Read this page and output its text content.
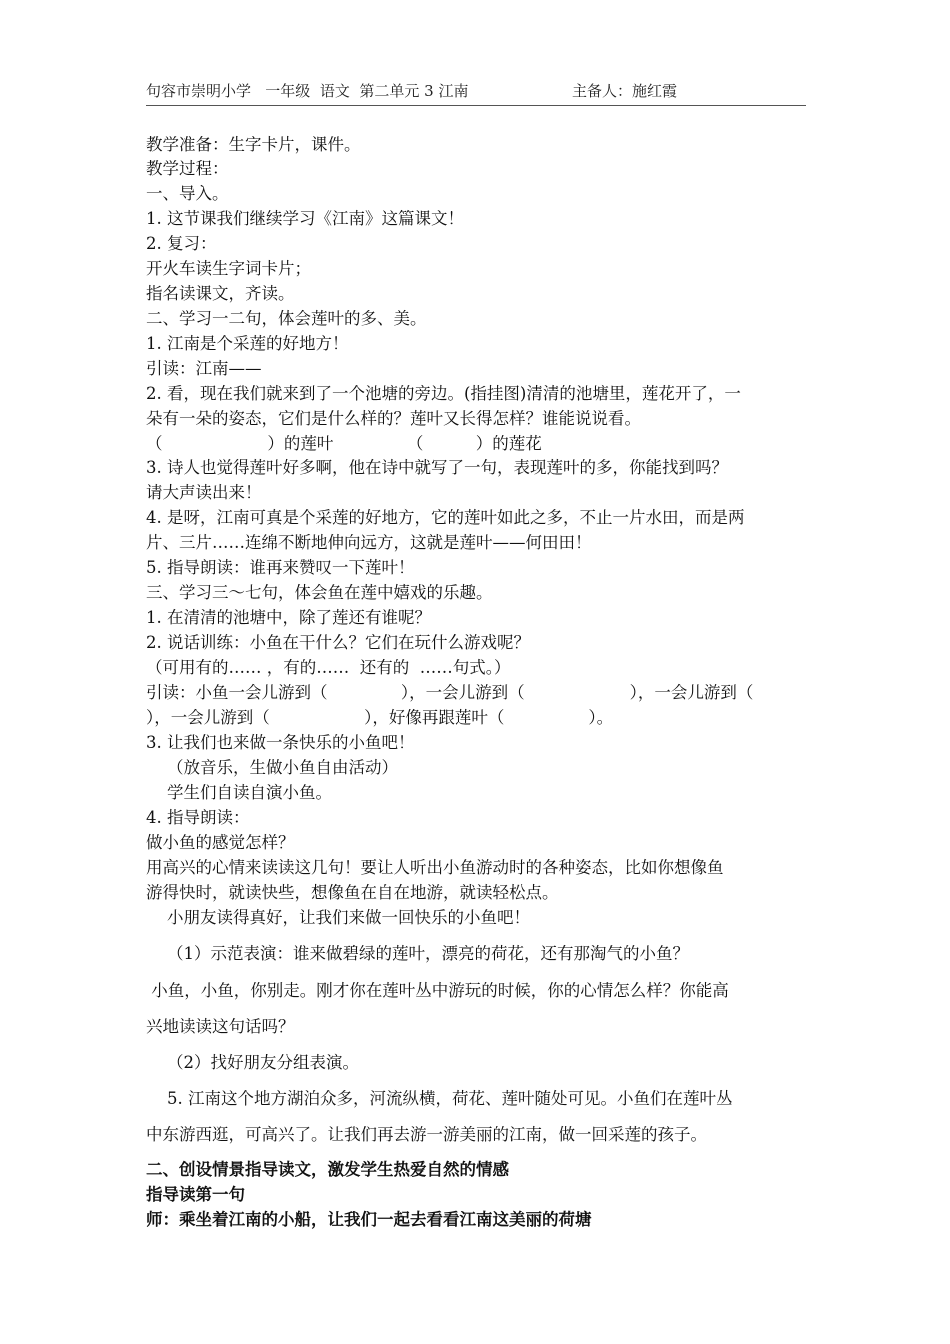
句容市崇明小学   一年级  语文  第二单元 3 江南	主备人：施红霞
教学准备：生字卡片，课件。
教学过程：
一、导入。
1. 这节课我们继续学习《江南》这篇课文！
2. 复习：
开火车读生字词卡片；
指名读课文，齐读。
二、学习一二句，体会莲叶的多、美。
1. 江南是个采莲的好地方！
引读：江南——
2. 看，现在我们就来到了一个池塘的旁边。(指挂图)清清的池塘里，莲花开了，一
朵有一朵的姿态，它们是什么样的？莲叶又长得怎样？谁能说说看。
（                    ）的莲叶              （          ）的莲花
3. 诗人也觉得莲叶好多啊，他在诗中就写了一句，表现莲叶的多，你能找到吗？
请大声读出来！
4. 是呀，江南可真是个采莲的好地方，它的莲叶如此之多，不止一片水田，而是两
片、三片……连绵不断地伸向远方，这就是莲叶——何田田！
5. 指导朗读：谁再来赞叹一下莲叶！
三、学习三～七句，体会鱼在莲中嬉戏的乐趣。
1. 在清清的池塘中，除了莲还有谁呢？
2. 说话训练：小鱼在干什么？它们在玩什么游戏呢？
（可用有的…… ，有的……  还有的  ……句式。）
引读：小鱼一会儿游到（              ），一会儿游到（                    ），一会儿游到（
），一会儿游到（                  ），好像再跟莲叶（                ）。
3. 让我们也来做一条快乐的小鱼吧！
（放音乐，生做小鱼自由活动）
学生们自读自演小鱼。
4. 指导朗读：
做小鱼的感觉怎样？
用高兴的心情来读读这几句！要让人听出小鱼游动时的各种姿态，比如你想像鱼
游得快时，就读快些，想像鱼在自在地游，就读轻松点。
小朋友读得真好，让我们来做一回快乐的小鱼吧！
（1）示范表演：谁来做碧绿的莲叶，漂亮的荷花，还有那淘气的小鱼？
小鱼，小鱼，你别走。刚才你在莲叶丛中游玩的时候，你的心情怎么样？你能高
兴地读读这句话吗？
（2）找好朋友分组表演。
5. 江南这个地方湖泊众多，河流纵横，荷花、莲叶随处可见。小鱼们在莲叶丛
中东游西逛，可高兴了。让我们再去游一游美丽的江南，做一回采莲的孩子。
二、创设情景指导读文，激发学生热爱自然的情感
指导读第一句
师：乘坐着江南的小船，让我们一起去看看江南这美丽的荷塘
